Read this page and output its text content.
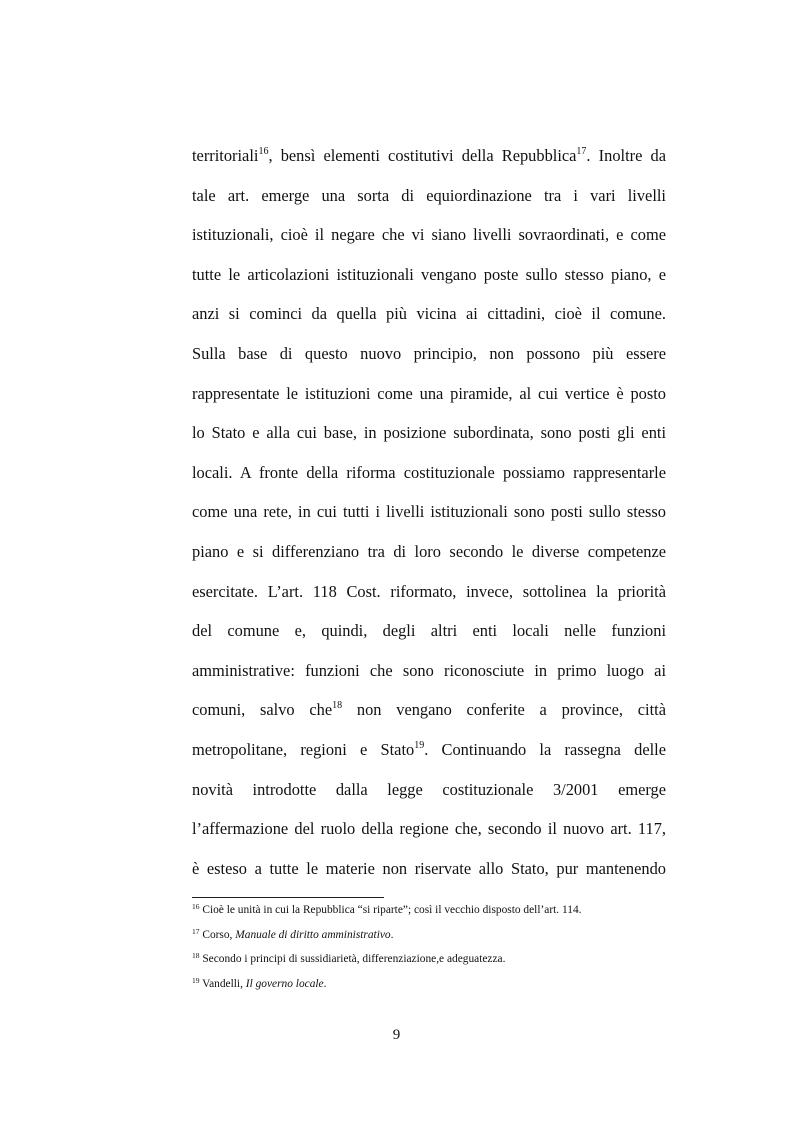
territoriali$^{16}$, bensì elementi costitutivi della Repubblica$^{17}$. Inoltre da
tale art. emerge una sorta di equiordinazione tra i vari livelli
istituzionali, cioè il negare che vi siano livelli sovraordinati, e come
tutte le articolazioni istituzionali vengano poste sullo stesso piano, e
anzi si cominci da quella più vicina ai cittadini, cioè il comune.
Sulla base di questo nuovo principio, non possono più essere
rappresentate le istituzioni come una piramide, al cui vertice è posto
lo Stato e alla cui base, in posizione subordinata, sono posti gli enti
locali. A fronte della riforma costituzionale possiamo rappresentarle
come una rete, in cui tutti i livelli istituzionali sono posti sullo stesso
piano e si differenziano tra di loro secondo le diverse competenze
esercitate. L’art. 118 Cost. riformato, invece, sottolinea la priorità
del comune e, quindi, degli altri enti locali nelle funzioni
amministrative: funzioni che sono riconosciute in primo luogo ai
comuni, salvo che$^{18}$ non vengano conferite a province, città
metropolitane, regioni e Stato$^{19}$. Continuando la rassegna delle
novità introdotte dalla legge costituzionale 3/2001 emerge
l’affermazione del ruolo della regione che, secondo il nuovo art. 117,
è esteso a tutte le materie non riservate allo Stato, pur mantenendo
$^{16}$ Cioè le unità in cui la Repubblica “si riparte”; così il vecchio disposto dell’art. 114.
$^{17}$ Corso, Manuale di diritto amministrativo.
$^{18}$ Secondo i principi di sussidiarietà, differenziazione,e adeguatezza.
$^{19}$ Vandelli, Il governo locale.
9
